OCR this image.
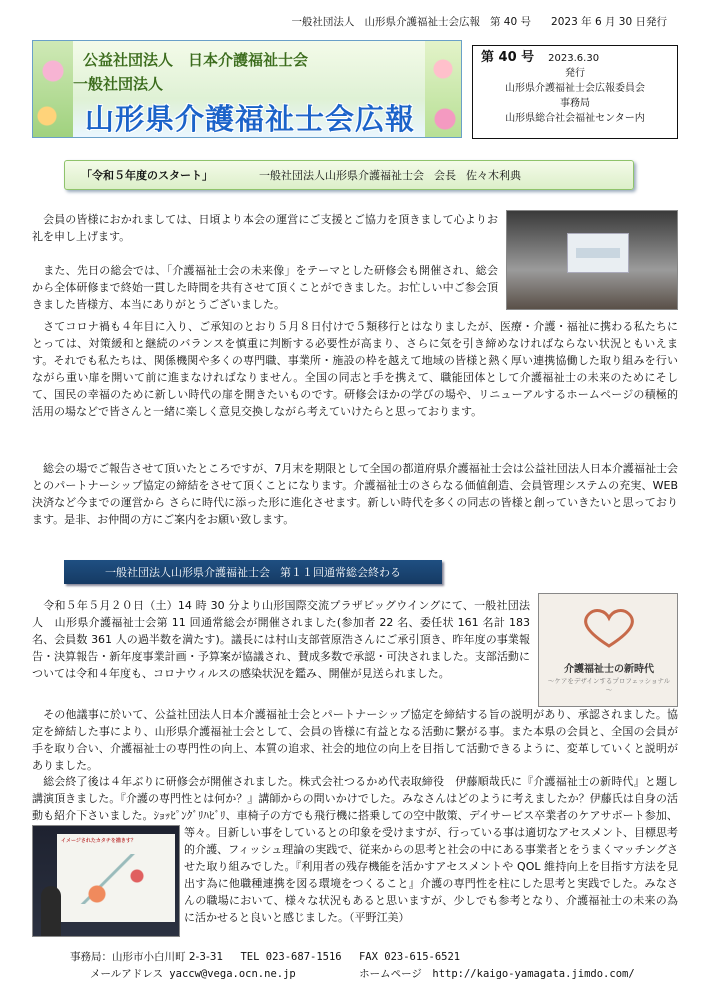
一般社団法人 山形県介護福祉士会広報 第 40 号 2023 年 6 月 30 日発行
公益社団法人　日本介護福祉士会
一般社団法人
山形県介護福祉士会広報
第 40 号 2023.6.30
発行
山形県介護福祉士会広報委員会
事務局
山形県総合社会福祉センター内
「令和５年度のスタート」	一般社団法人山形県介護福祉士会 会長 佐々木利典

　会員の皆様におかれましては、日頃より本会の運営にご支援とご協力を頂きまして心よりお礼を申し上げます。

　また、先日の総会では、「介護福祉士会の未来像」をテーマとした研修会も開催され、総会から全体研修まで終始一貫した時間を共有させて頂くことができました。お忙しい中ご参会頂きました皆様方、本当にありがとうございました。

　さてコロナ禍も４年目に入り、ご承知のとおり５月８日付けで５類移行とはなりましたが、医療・介護・福祉に携わる私たちにとっては、対策緩和と継続のバランスを慎重に判断する必要性が高まり、さらに気を引き締めなければならない状況ともいえます。それでも私たちは、関係機関や多くの専門職、事業所・施設の枠を越えて地域の皆様と熱く厚い連携協働した取り組みを行いながら重い扉を開いて前に進まなければなりません。全国の同志と手を携えて、職能団体として介護福祉士の未来のためにそして、国民の幸福のために新しい時代の扉を開きたいものです。研修会ほかの学びの場や、リニューアルするホームページの積極的活用の場などで皆さんと一緒に楽しく意見交換しながら考えていけたらと思っております。

　総会の場でご報告させて頂いたところですが、7月末を期限として全国の都道府県介護福祉士会は公益社団法人日本介護福祉士会とのパートナーシップ協定の締結をさせて頂くことになります。介護福祉士のさらなる価値創造、会員管理システムの充実、WEB 決済など今までの運営から さらに時代に添った形に進化させます。新しい時代を多くの同志の皆様と創っていきたいと思っております。是非、お仲間の方にご案内をお願い致します。

一般社団法人山形県介護福祉士会 第１１回通常総会終わる
介護福祉士の新時代
～ケアをデザインするプロフェッショナル～

　令和５年５月２０日（土）14 時 30 分より山形国際交流プラザビッグウイングにて、一般社団法人　山形県介護福祉士会第 11 回通常総会が開催されました(参加者 22 名、委任状 161 名計 183 名、会員数 361 人の過半数を満たす)。議長には村山支部菅原浩さんにご承引頂き、昨年度の事業報告・決算報告・新年度事業計画・予算案が協議され、賛成多数で承認・可決されました。支部活動については令和４年度も、コロナウィルスの感染状況を鑑み、開催が見送られました。

　その他議事に於いて、公益社団法人日本介護福祉士会とパートナーシップ協定を締結する旨の説明があり、承認されました。協定を締結した事により、山形県介護福祉士会として、会員の皆様に有益となる活動に繋がる事。また本県の会員と、全国の会員が手を取り合い、介護福祉士の専門性の向上、本質の追求、社会的地位の向上を目指して活動できるように、変革していくと説明がありました。

イメージされたカタチを描きす？
　総会終了後は４年ぶりに研修会が開催されました。株式会社つるかめ代表取締役　伊藤順哉氏に『介護福祉士の新時代』と題し講演頂きました。『介護の専門性とは何か？』講師からの問いかけでした。みなさんはどのように考えましたか？伊藤氏は自身の活動も紹介下さいました。ｼｮｯﾋﾟﾝｸﾞﾘﾊﾋﾞﾘ、車椅子の方でも飛行機に搭乗しての空中散策、デイサービス卒業者のケアサポート参加、等々。目新しい事をしているとの印象を受けますが、行っている事は適切なアセスメント、目標思考的介護、フィッシュ理論の実践で、従来からの思考と社会の中にある事業者とをうまくマッチングさせた取り組みでした。『利用者の残存機能を活かすアセスメントや QOL 維持向上を目指す方法を見出す為に他職種連携を図る環境をつくること』介護の専門性を柱にした思考と実践でした。みなさんの職場において、様々な状況もあると思いますが、少しでも参考となり、介護福祉士の未来の為に活かせると良いと感じました。（平野江美）
事務局：山形市小白川町 2-3-31 TEL 023-687-1516 FAX 023-615-6521
メールアドレス yaccw@vega.ocn.ne.jp	ホームページ　http://kaigo-yamagata.jimdo.com/
